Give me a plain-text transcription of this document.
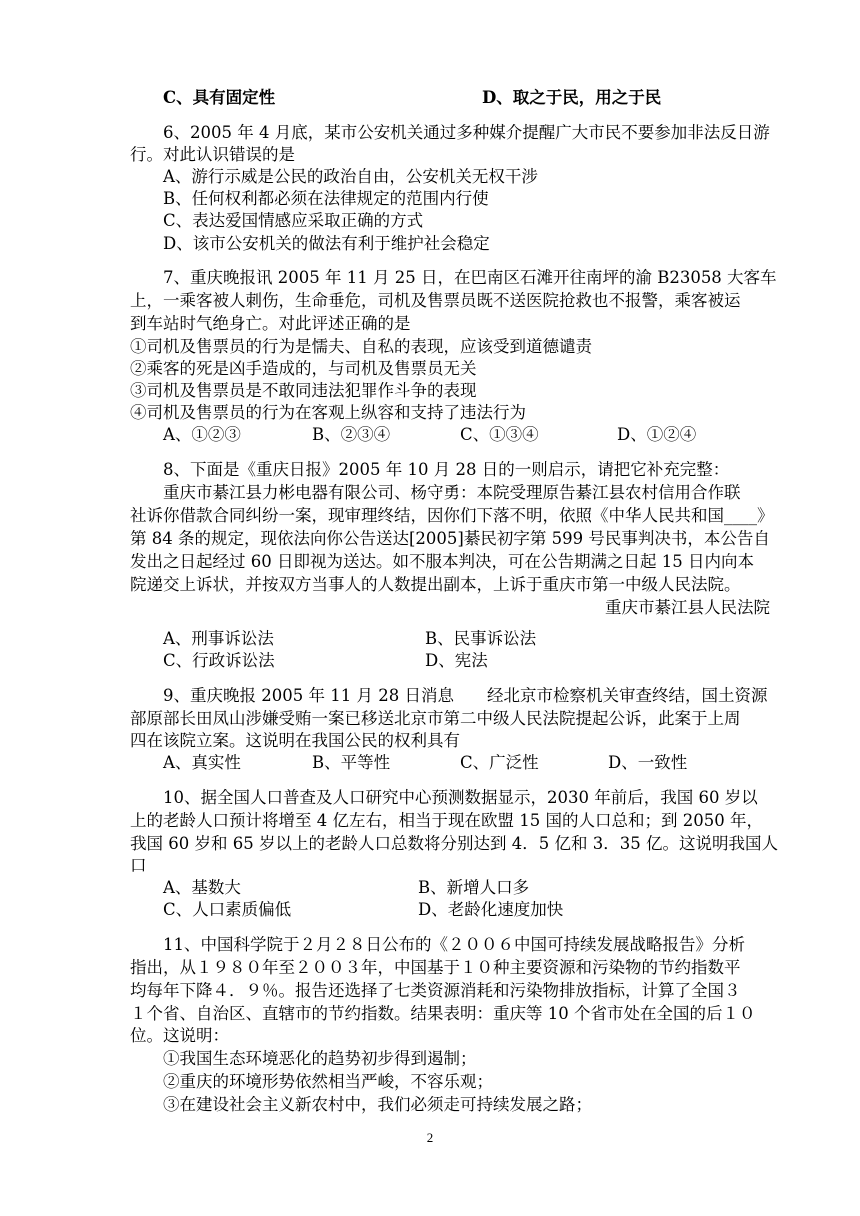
C、具有固定性	D、取之于民，用之于民
6、2005 年 4 月底，某市公安机关通过多种媒介提醒广大市民不要参加非法反日游
行。对此认识错误的是
A、游行示威是公民的政治自由，公安机关无权干涉
B、任何权利都必须在法律规定的范围内行使
C、表达爱国情感应采取正确的方式
D、该市公安机关的做法有利于维护社会稳定
7、重庆晚报讯 2005 年 11 月 25 日，在巴南区石滩开往南坪的渝 B23058 大客车
上，一乘客被人刺伤，生命垂危，司机及售票员既不送医院抢救也不报警，乘客被运
到车站时气绝身亡。对此评述正确的是
①司机及售票员的行为是懦夫、自私的表现，应该受到道德谴责
②乘客的死是凶手造成的，与司机及售票员无关
③司机及售票员是不敢同违法犯罪作斗争的表现
④司机及售票员的行为在客观上纵容和支持了违法行为
A、①②③	B、②③④	C、①③④	D、①②④
8、下面是《重庆日报》2005 年 10 月 28 日的一则启示，请把它补充完整：
重庆市綦江县力彬电器有限公司、杨守勇：本院受理原告綦江县农村信用合作联
社诉你借款合同纠纷一案，现审理终结，因你们下落不明，依照《中华人民共和国____》
第 84 条的规定，现依法向你公告送达[2005]綦民初字第 599 号民事判决书，本公告自
发出之日起经过 60 日即视为送达。如不服本判决，可在公告期满之日起 15 日内向本
院递交上诉状，并按双方当事人的人数提出副本，上诉于重庆市第一中级人民法院。
重庆市綦江县人民法院
A、刑事诉讼法	B、民事诉讼法
C、行政诉讼法	D、宪法
9、重庆晚报 2005 年 11 月 28 日消息　　经北京市检察机关审查终结，国土资源
部原部长田凤山涉嫌受贿一案已移送北京市第二中级人民法院提起公诉，此案于上周
四在该院立案。这说明在我国公民的权利具有
A、真实性	B、平等性	C、广泛性	D、一致性
10、据全国人口普查及人口研究中心预测数据显示，2030 年前后，我国 60 岁以
上的老龄人口预计将增至 4 亿左右，相当于现在欧盟 15 国的人口总和；到 2050 年，
我国 60 岁和 65 岁以上的老龄人口总数将分别达到 4．5 亿和 3．35 亿。这说明我国人
口
A、基数大	B、新增人口多
C、人口素质偏低	D、老龄化速度加快
11、中国科学院于２月２８日公布的《２００６中国可持续发展战略报告》分析
指出，从１９８０年至２００３年，中国基于１０种主要资源和污染物的节约指数平
均每年下降４．９％。报告还选择了七类资源消耗和污染物排放指标，计算了全国３
１个省、自治区、直辖市的节约指数。结果表明：重庆等 10 个省市处在全国的后１０
位。这说明：
①我国生态环境恶化的趋势初步得到遏制；
②重庆的环境形势依然相当严峻，不容乐观；
③在建设社会主义新农村中，我们必须走可持续发展之路；
2
